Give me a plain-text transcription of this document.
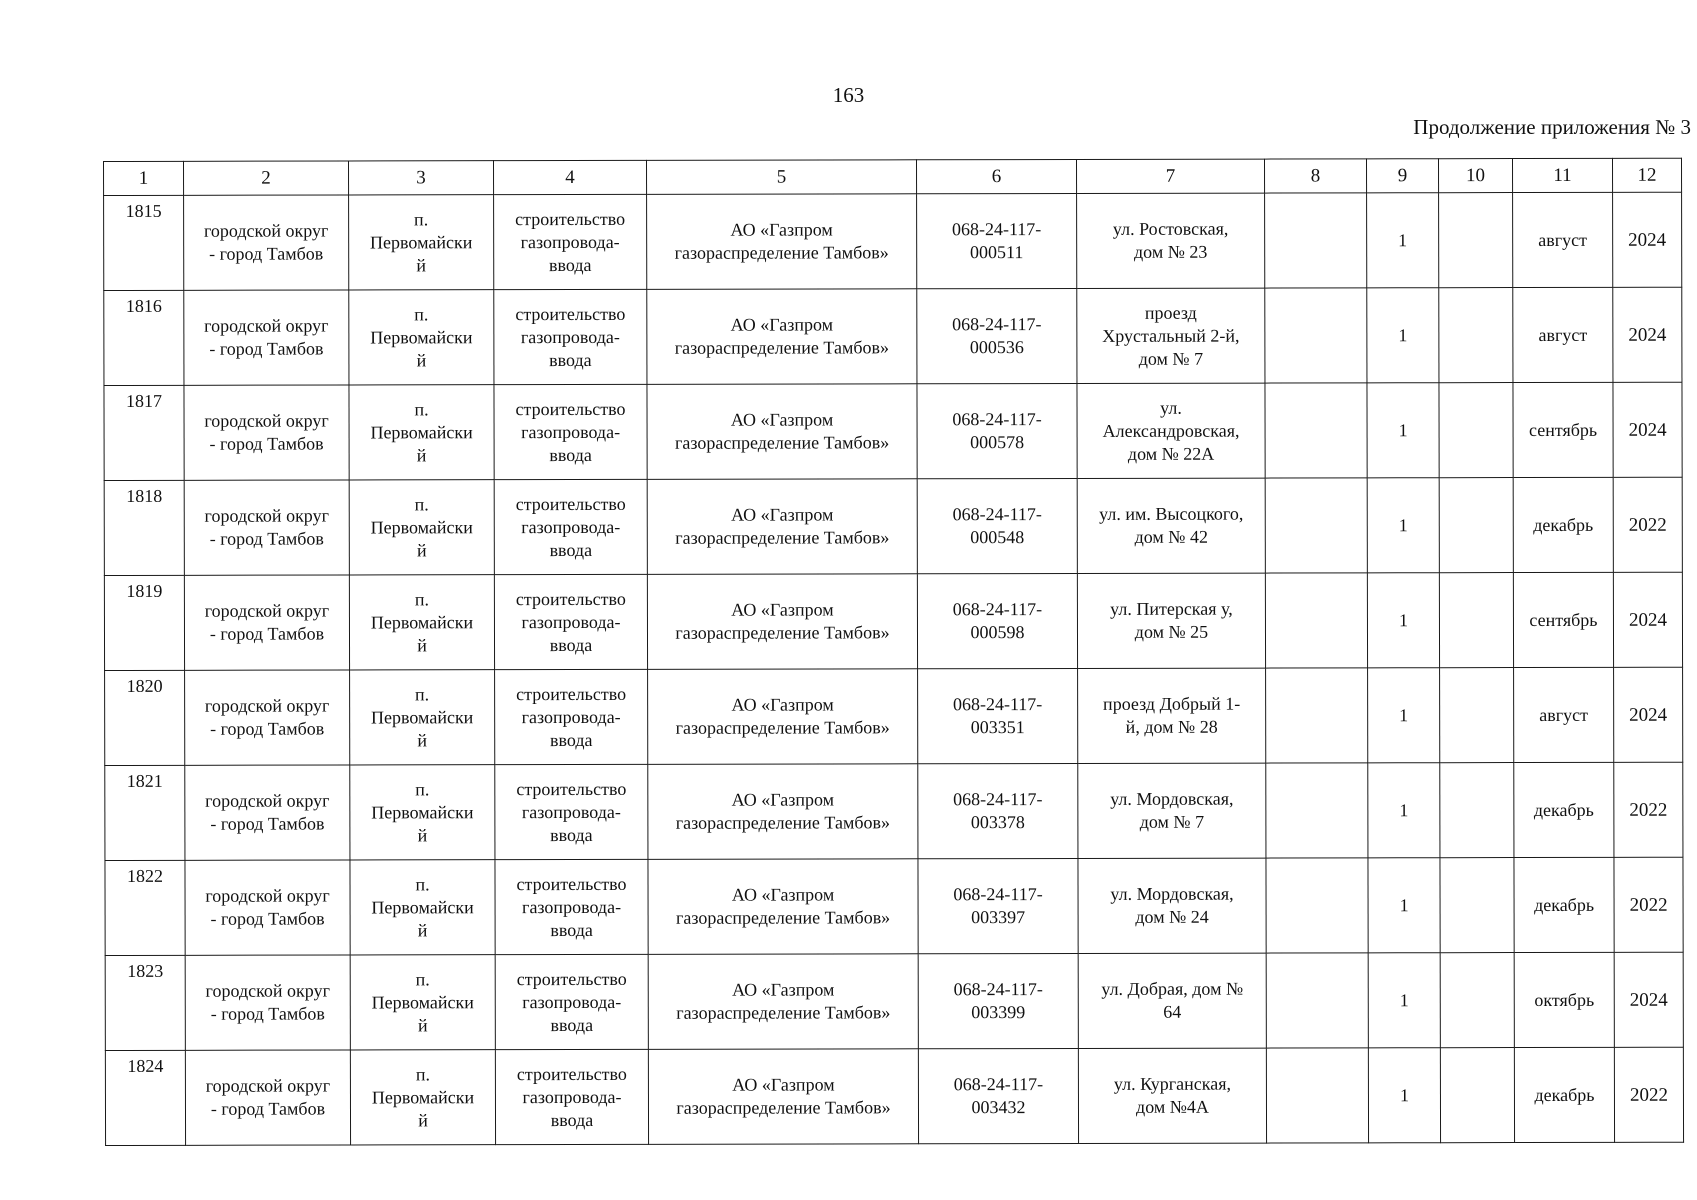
163
Продолжение приложения № 3
1	2	3	4	5	6	7	8	9	10	11	12
1815	городской округ
- город Тамбов	п.
Первомайски
й	строительство
газопровода-
ввода	АО «Газпром
газораспределение Тамбов»	068-24-117-
000511	ул. Ростовская,
дом № 23		1		август	2024
1816	городской округ
- город Тамбов	п.
Первомайски
й	строительство
газопровода-
ввода	АО «Газпром
газораспределение Тамбов»	068-24-117-
000536	проезд
Хрустальный 2-й,
дом № 7		1		август	2024
1817	городской округ
- город Тамбов	п.
Первомайски
й	строительство
газопровода-
ввода	АО «Газпром
газораспределение Тамбов»	068-24-117-
000578	ул.
Александровская,
дом № 22А		1		сентябрь	2024
1818	городской округ
- город Тамбов	п.
Первомайски
й	строительство
газопровода-
ввода	АО «Газпром
газораспределение Тамбов»	068-24-117-
000548	ул. им. Высоцкого,
дом № 42		1		декабрь	2022
1819	городской округ
- город Тамбов	п.
Первомайски
й	строительство
газопровода-
ввода	АО «Газпром
газораспределение Тамбов»	068-24-117-
000598	ул. Питерская у,
дом № 25		1		сентябрь	2024
1820	городской округ
- город Тамбов	п.
Первомайски
й	строительство
газопровода-
ввода	АО «Газпром
газораспределение Тамбов»	068-24-117-
003351	проезд Добрый 1-
й, дом № 28		1		август	2024
1821	городской округ
- город Тамбов	п.
Первомайски
й	строительство
газопровода-
ввода	АО «Газпром
газораспределение Тамбов»	068-24-117-
003378	ул. Мордовская,
дом № 7		1		декабрь	2022
1822	городской округ
- город Тамбов	п.
Первомайски
й	строительство
газопровода-
ввода	АО «Газпром
газораспределение Тамбов»	068-24-117-
003397	ул. Мордовская,
дом № 24		1		декабрь	2022
1823	городской округ
- город Тамбов	п.
Первомайски
й	строительство
газопровода-
ввода	АО «Газпром
газораспределение Тамбов»	068-24-117-
003399	ул. Добрая, дом №
64		1		октябрь	2024
1824	городской округ
- город Тамбов	п.
Первомайски
й	строительство
газопровода-
ввода	АО «Газпром
газораспределение Тамбов»	068-24-117-
003432	ул. Курганская,
дом №4А		1		декабрь	2022
